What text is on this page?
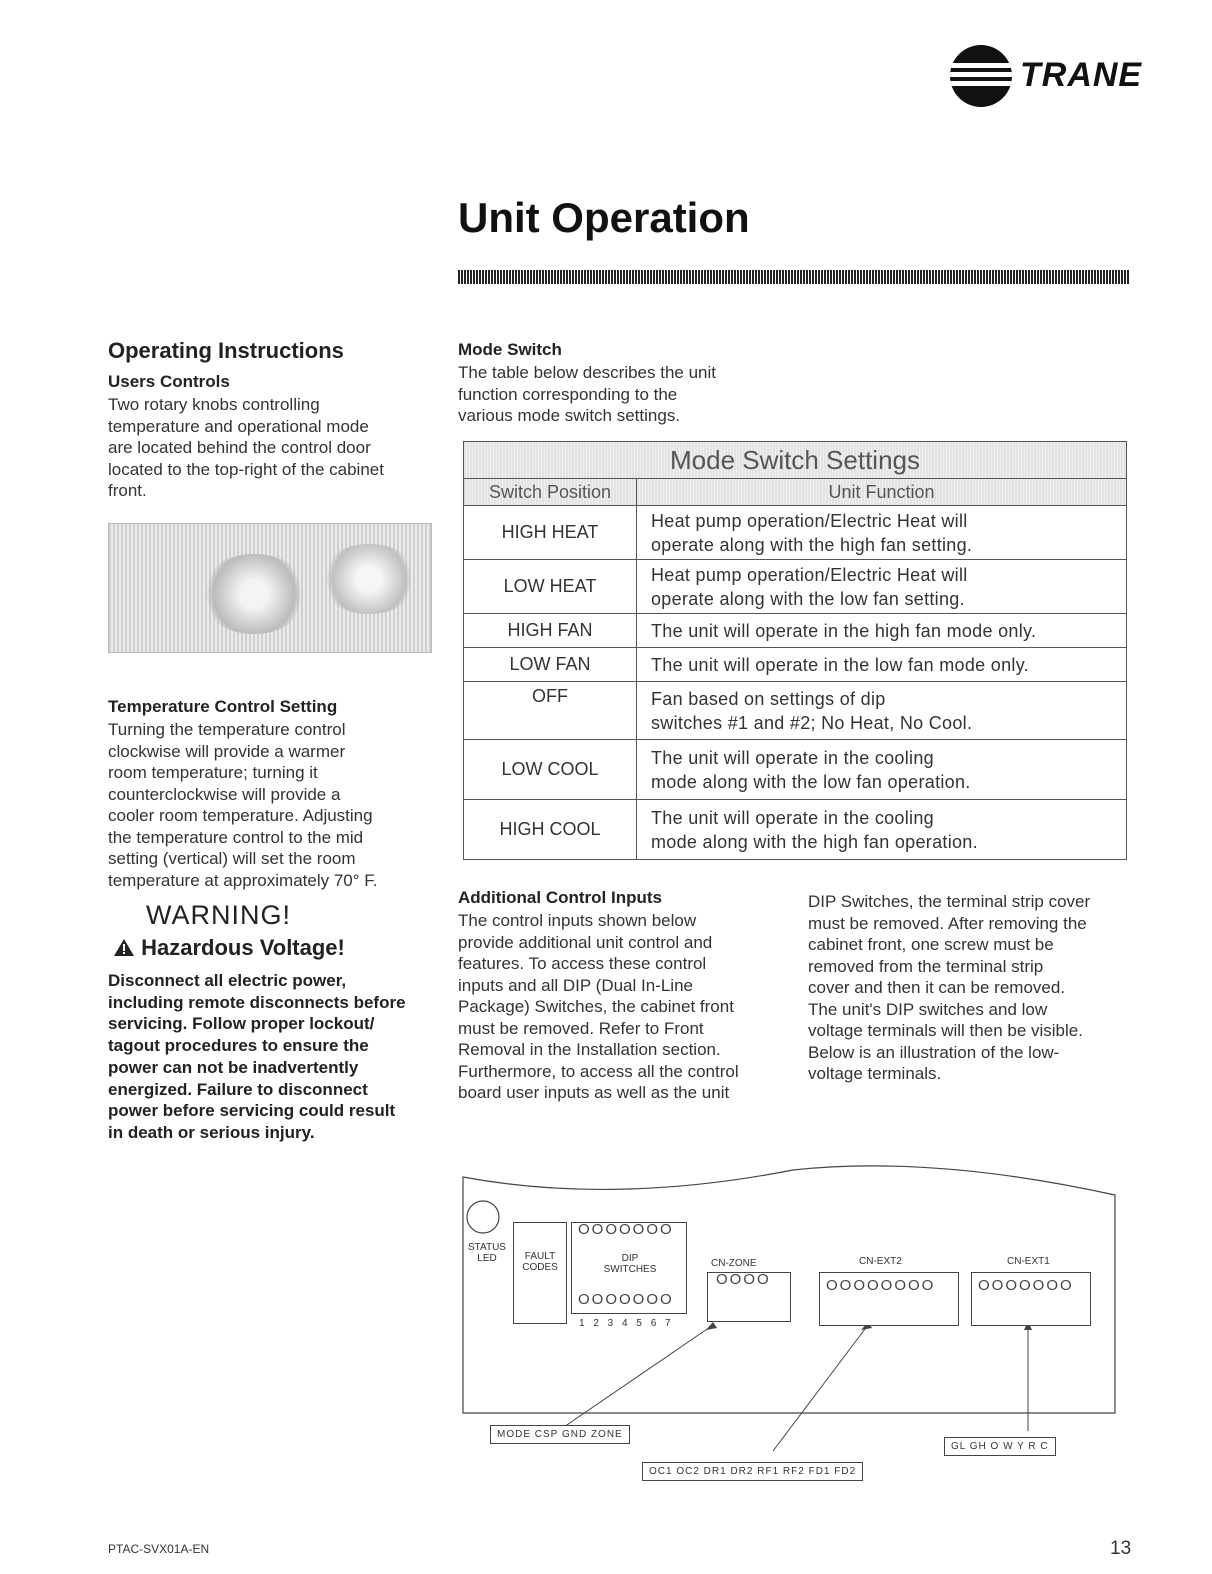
TRANE
Unit Operation
Operating Instructions
Users Controls
Two rotary knobs controlling
temperature and operational mode
are located behind the control door
located to the top-right of the cabinet
front.
Temperature Control Setting
Turning the temperature control
clockwise will provide a warmer
room temperature; turning it
counterclockwise will provide a
cooler room temperature. Adjusting
the temperature control to the mid
setting (vertical) will set the room
temperature at approximately 70° F.
WARNING!
Hazardous Voltage!
Disconnect all electric power,
including remote disconnects before
servicing. Follow proper lockout/
tagout procedures to ensure the
power can not be inadvertently
energized. Failure to disconnect
power before servicing could result
in death or serious injury.
Mode Switch
The table below describes the unit
function corresponding to the
various mode switch settings.
Mode Switch Settings	
Switch Position	Unit Function
HIGH HEAT	Heat pump operation/Electric Heat will
operate along with the high fan setting.

LOW HEAT	Heat pump operation/Electric Heat will
operate along with the low fan setting.

HIGH FAN	The unit will operate in the high fan mode only.

LOW FAN	The unit will operate in the low fan mode only.

OFF	Fan based on settings of dip
switches #1 and #2; No Heat, No Cool.

LOW COOL	The unit will operate in the cooling
mode along with the low fan operation.

HIGH COOL	The unit will operate in the cooling
mode along with the high fan operation.
Additional Control Inputs
The control inputs shown below
provide additional unit control and
features. To access these control
inputs and all DIP (Dual In-Line
Package) Switches, the cabinet front
must be removed. Refer to Front
Removal in the Installation section.
Furthermore, to access all the control
board user inputs as well as the unit
DIP Switches, the terminal strip cover
must be removed. After removing the
cabinet front, one screw must be
removed from the terminal strip
cover and then it can be removed.
The unit's DIP switches and low
voltage terminals will then be visible.
Below is an illustration of the low-
voltage terminals.
STATUS
LED	FAULT
CODES
OOOOOOO
DIP
SWITCHES
OOOOOOO
1 2 3 4 5 6 7
CN-ZONE
OOOO
CN-EXT2
OOOOOOOO
CN-EXT1
OOOOOOO
MODE CSP GND ZONE
OC1 OC2 DR1 DR2 RF1 RF2 FD1 FD2
GL GH O W Y R C
PTAC-SVX01A-EN	13
